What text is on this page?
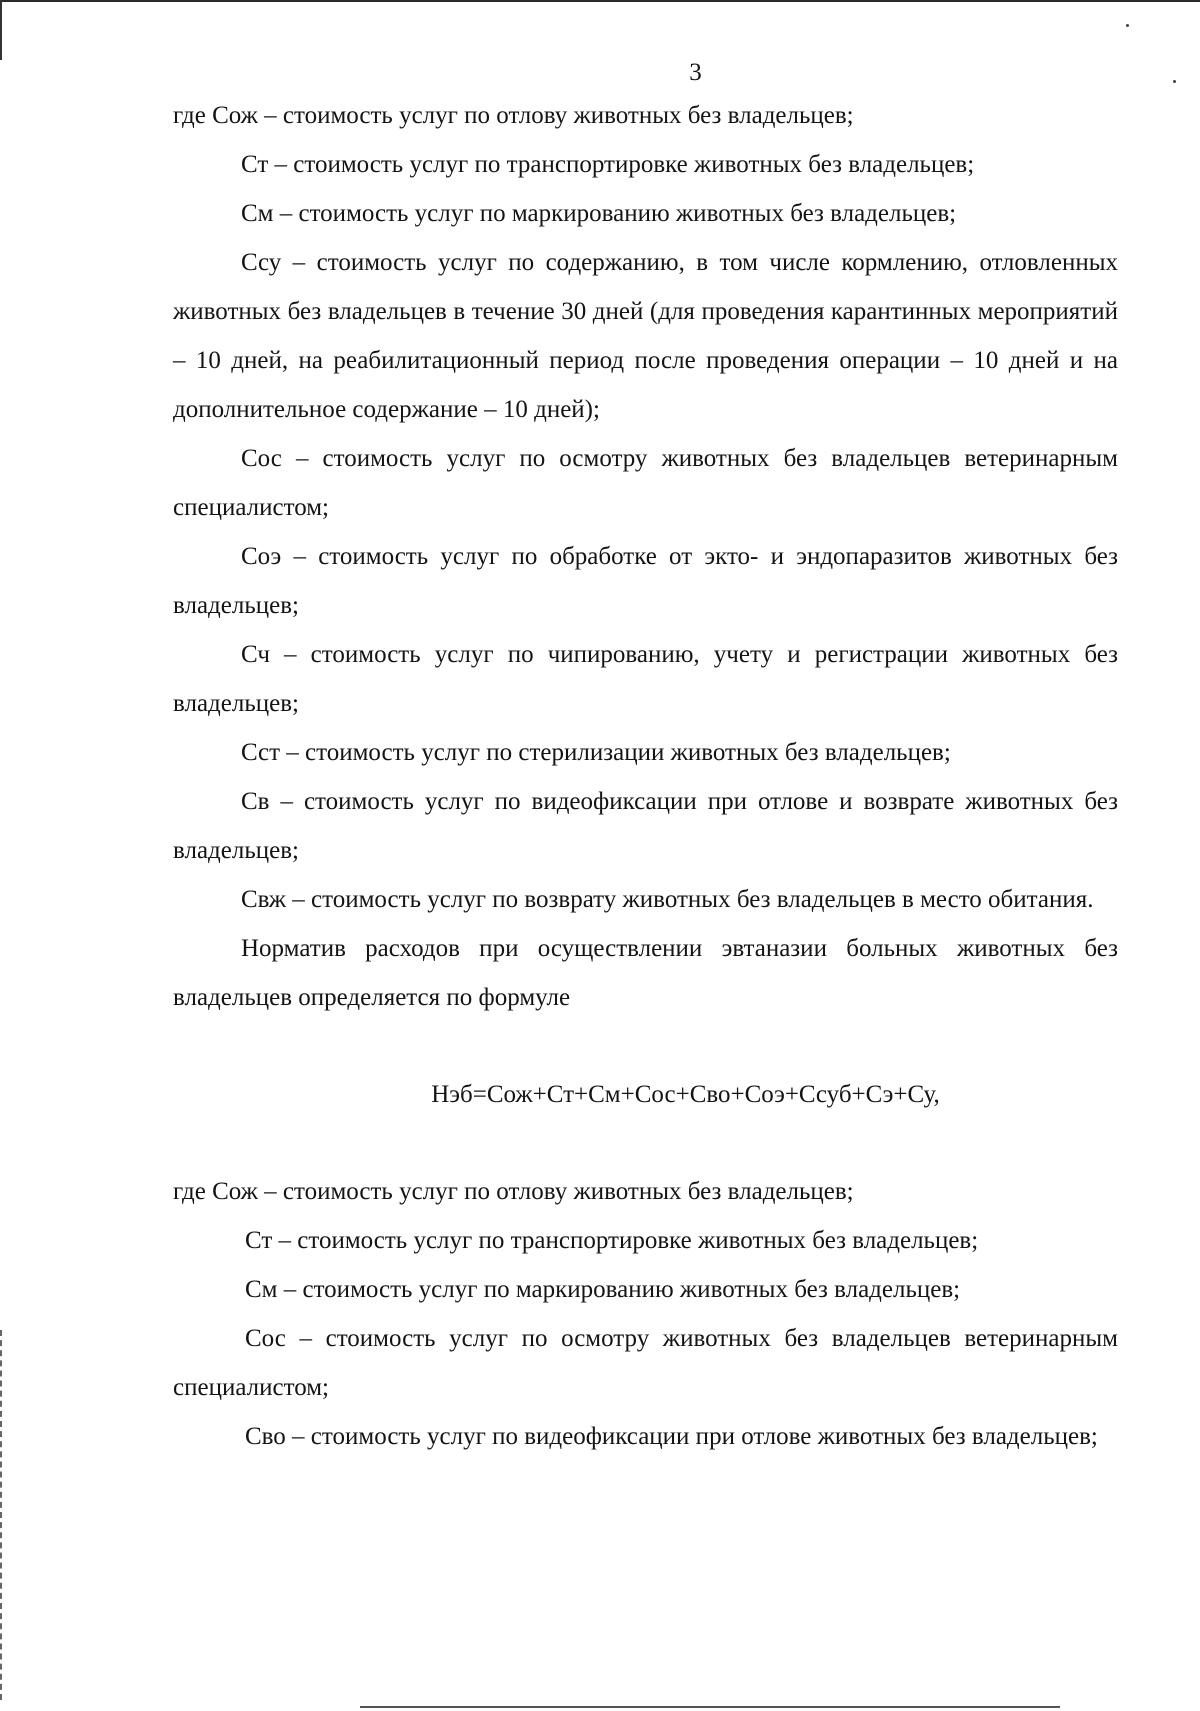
3

где Сож – стоимость услуг по отлову животных без владельцев;

Ст – стоимость услуг по транспортировке животных без владельцев;

См – стоимость услуг по маркированию животных без владельцев;

Ссу – стоимость услуг по содержанию, в том числе кормлению, отловленных животных без владельцев в течение 30 дней (для проведения карантинных мероприятий – 10 дней, на реабилитационный период после проведения операции – 10 дней и на дополнительное содержание – 10 дней);

Сос – стоимость услуг по осмотру животных без владельцев ветеринарным специалистом;

Соэ – стоимость услуг по обработке от экто- и эндопаразитов животных без владельцев;

Сч – стоимость услуг по чипированию, учету и регистрации животных без владельцев;

Сст – стоимость услуг по стерилизации животных без владельцев;

Св – стоимость услуг по видеофиксации при отлове и возврате животных без владельцев;

Свж – стоимость услуг по возврату животных без владельцев в место обитания.

Норматив расходов при осуществлении эвтаназии больных животных без владельцев определяется по формуле

Нэб=Сож+Ст+См+Сос+Сво+Соэ+Ссуб+Сэ+Су,

где Сож – стоимость услуг по отлову животных без владельцев;

Ст – стоимость услуг по транспортировке животных без владельцев;

См – стоимость услуг по маркированию животных без владельцев;

Сос – стоимость услуг по осмотру животных без владельцев ветеринарным специалистом;

Сво – стоимость услуг по видеофиксации при отлове животных без владельцев;
